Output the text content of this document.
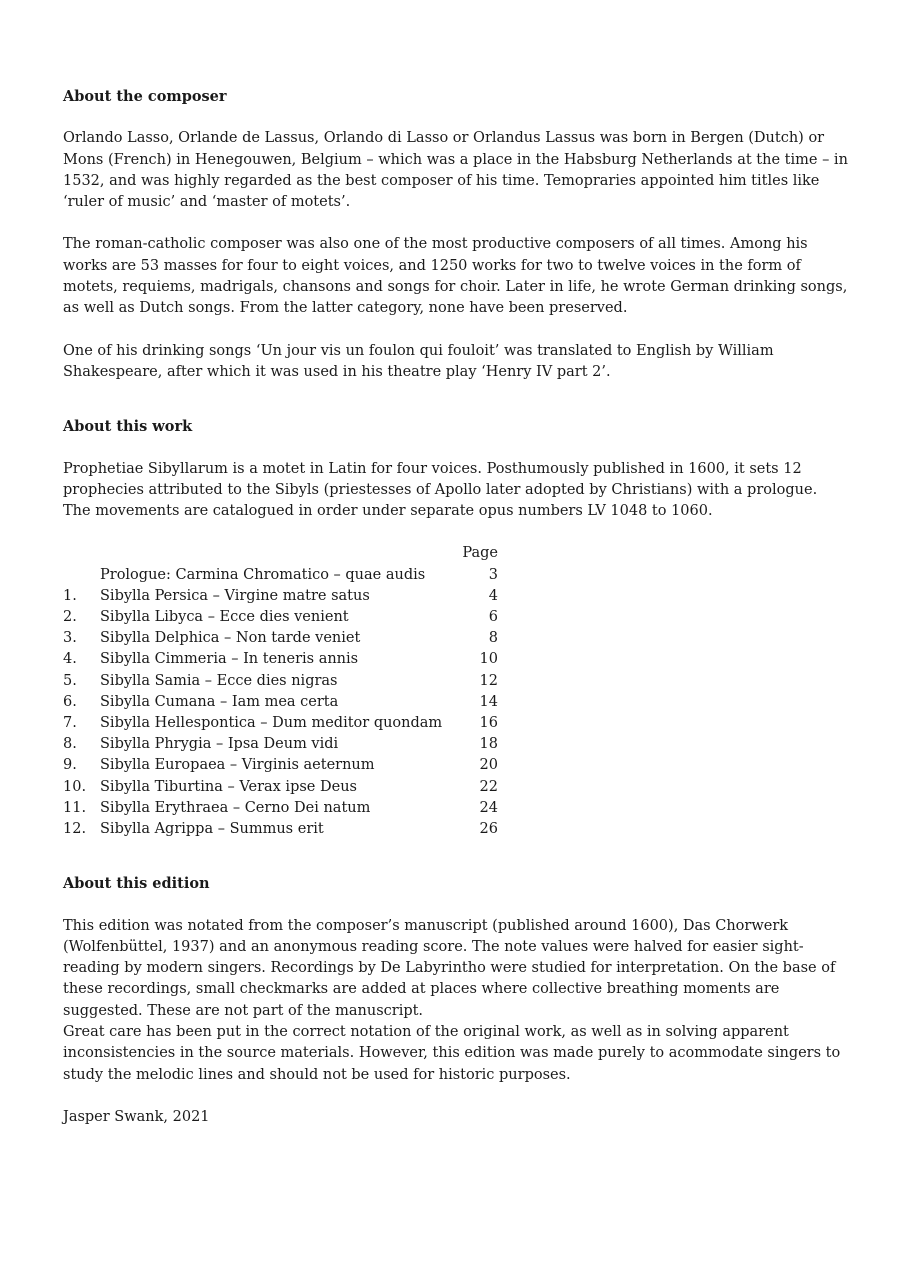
About the composer

Orlando Lasso, Orlande de Lassus, Orlando di Lasso or Orlandus Lassus was born in Bergen (Dutch) or Mons (French) in Henegouwen, Belgium – which was a place in the Habsburg Netherlands at the time – in 1532, and was highly regarded as the best composer of his time. Temopraries appointed him titles like ‘ruler of music’ and ‘master of motets’.

The roman-catholic composer was also one of the most productive composers of all times. Among his works are 53 masses for four to eight voices, and 1250 works for two to twelve voices in the form of motets, requiems, madrigals, chansons and songs for choir. Later in life, he wrote German drinking songs, as well as Dutch songs. From the latter category, none have been preserved.

One of his drinking songs ‘Un jour vis un foulon qui fouloit’ was translated to English by William Shakespeare, after which it was used in his theatre play ‘Henry IV part 2’.

About this work

Prophetiae Sibyllarum is a motet in Latin for four voices. Posthumously published in 1600, it sets 12 prophecies attributed to the Sibyls (priestesses of Apollo later adopted by Christians) with a prologue.

The movements are catalogued in order under separate opus numbers LV 1048 to 1060.

		Page
	Prologue: Carmina Chromatico – quae audis	3
1.	Sibylla Persica – Virgine matre satus	4
2.	Sibylla Libyca – Ecce dies venient	6
3.	Sibylla Delphica – Non tarde veniet	8
4.	Sibylla Cimmeria – In teneris annis	10
5.	Sibylla Samia – Ecce dies nigras	12
6.	Sibylla Cumana – Iam mea certa	14
7.	Sibylla Hellespontica – Dum meditor quondam	16
8.	Sibylla Phrygia – Ipsa Deum vidi	18
9.	Sibylla Europaea – Virginis aeternum	20
10.	Sibylla Tiburtina – Verax ipse Deus	22
11.	Sibylla Erythraea – Cerno Dei natum	24
12.	Sibylla Agrippa – Summus erit	26
About this edition

This edition was notated from the composer’s manuscript (published around 1600), Das Chorwerk (Wolfenbüttel, 1937) and an anonymous reading score. The note values were halved for easier sight-reading by modern singers. Recordings by De Labyrintho were studied for interpretation. On the base of these recordings, small checkmarks are added at places where collective breathing moments are suggested. These are not part of the manuscript.

Great care has been put in the correct notation of the original work, as well as in solving apparent inconsistencies in the source materials. However, this edition was made purely to acommodate singers to study the melodic lines and should not be used for historic purposes.

Jasper Swank, 2021
